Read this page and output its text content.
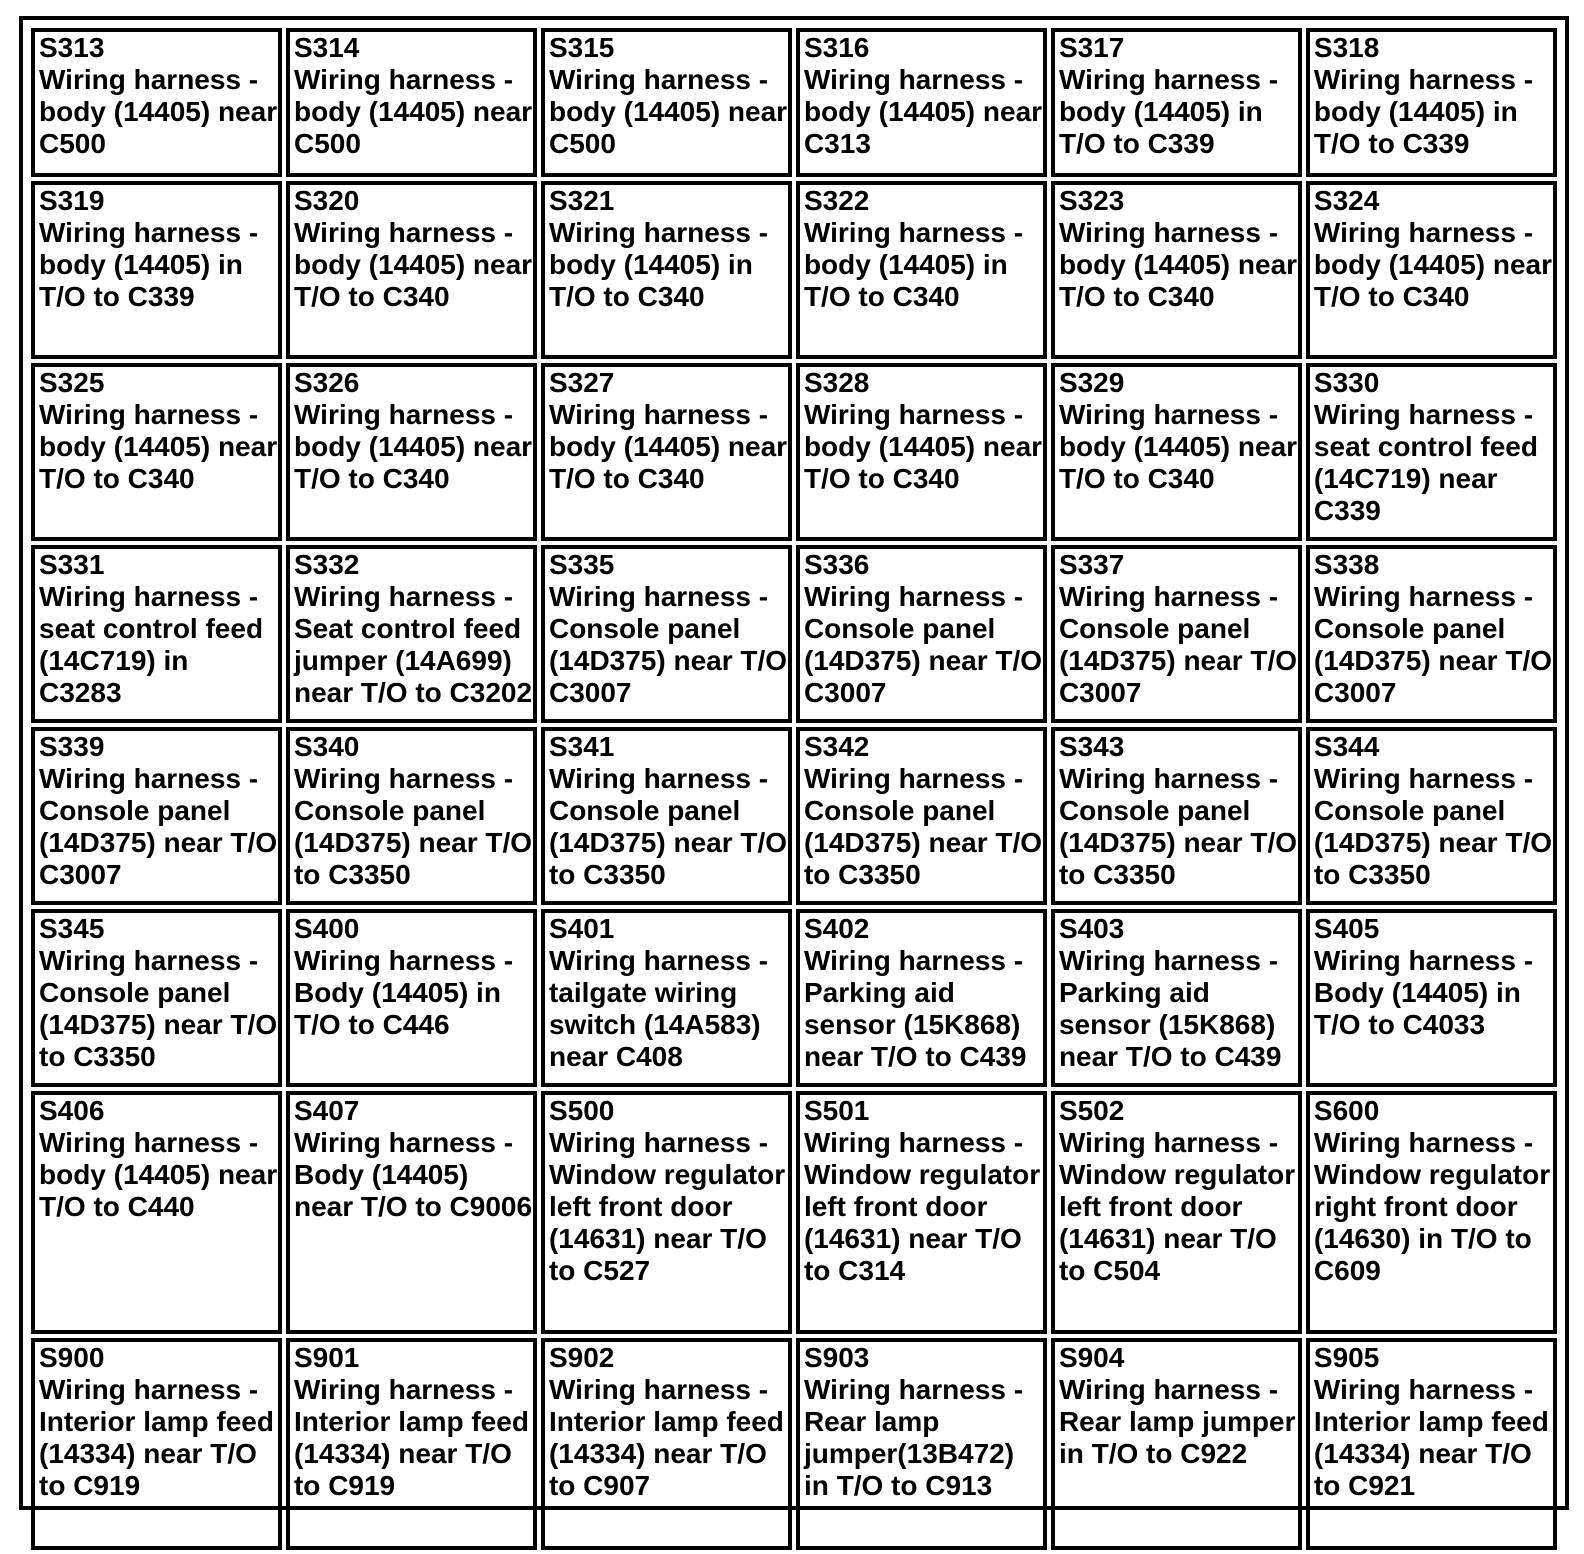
S313
Wiring harness - body (14405) near C500	S314
Wiring harness - body (14405) near C500	S315
Wiring harness - body (14405) near C500	S316
Wiring harness - body (14405) near C313	S317
Wiring harness - body (14405) in T/O to C339	S318
Wiring harness - body (14405) in T/O to C339

S319
Wiring harness - body (14405) in T/O to C339	S320
Wiring harness - body (14405) near T/O to C340	S321
Wiring harness - body (14405) in T/O to C340	S322
Wiring harness - body (14405) in T/O to C340	S323
Wiring harness - body (14405) near T/O to C340	S324
Wiring harness - body (14405) near T/O to C340

S325
Wiring harness - body (14405) near T/O to C340	S326
Wiring harness - body (14405) near T/O to C340	S327
Wiring harness - body (14405) near T/O to C340	S328
Wiring harness - body (14405) near T/O to C340	S329
Wiring harness - body (14405) near T/O to C340	S330
Wiring harness - seat control feed (14C719) near C339

S331
Wiring harness - seat control feed (14C719) in C3283	S332
Wiring harness - Seat control feed jumper (14A699) near T/O to C3202	S335
Wiring harness - Console panel (14D375) near T/O C3007	S336
Wiring harness - Console panel (14D375) near T/O C3007	S337
Wiring harness - Console panel (14D375) near T/O C3007	S338
Wiring harness - Console panel (14D375) near T/O C3007

S339
Wiring harness - Console panel (14D375) near T/O C3007	S340
Wiring harness - Console panel (14D375) near T/O to C3350	S341
Wiring harness - Console panel (14D375) near T/O to C3350	S342
Wiring harness - Console panel (14D375) near T/O to C3350	S343
Wiring harness - Console panel (14D375) near T/O to C3350	S344
Wiring harness - Console panel (14D375) near T/O to C3350

S345
Wiring harness - Console panel (14D375) near T/O to C3350	S400
Wiring harness - Body (14405) in T/O to C446	S401
Wiring harness - tailgate wiring switch (14A583) near C408	S402
Wiring harness - Parking aid sensor (15K868) near T/O to C439	S403
Wiring harness - Parking aid sensor (15K868) near T/O to C439	S405
Wiring harness - Body (14405) in T/O to C4033

S406
Wiring harness - body (14405) near T/O to C440	S407
Wiring harness - Body (14405) near T/O to C9006	S500
Wiring harness - Window regulator left front door (14631) near T/O to C527	S501
Wiring harness - Window regulator left front door (14631) near T/O to C314	S502
Wiring harness - Window regulator left front door (14631) near T/O to C504	S600
Wiring harness - Window regulator right front door (14630) in T/O to C609

S900
Wiring harness - Interior lamp feed (14334) near T/O to C919	S901
Wiring harness - Interior lamp feed (14334) near T/O to C919	S902
Wiring harness - Interior lamp feed (14334) near T/O to C907	S903
Wiring harness - Rear lamp jumper(13B472) in T/O to C913	S904
Wiring harness - Rear lamp jumper in T/O to C922	S905
Wiring harness - Interior lamp feed (14334) near T/O to C921
